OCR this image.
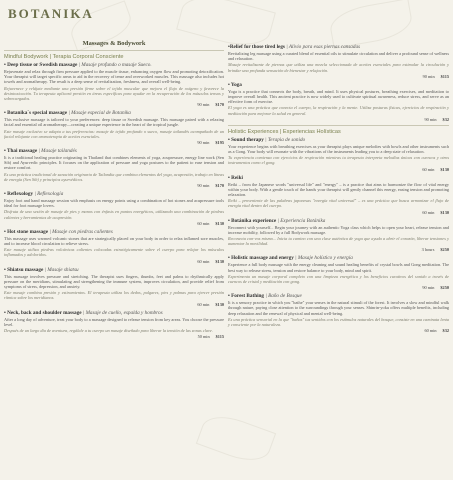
BOTANIKA
Massages & Bodywork
Mindful Bodywork | Terapia Corporal Consciente
• Deep tissue or Swedish massage | Masaje profundo o masaje Sueco.
Rejuvenate and relax through firm pressure applied to the muscle tissue, enhancing oxygen flow and promoting detoxification. Your therapist will target specific areas to aid in the recovery of tense and overworked muscles. This massage also includes hot towels and aromatherapy. The result is a deep sense of revitalization, freshness, and overall well-being.
Rejuvenece y relájate mediante una presión firme sobre el tejido muscular que mejora el flujo de oxígeno y favorece la desintoxicación. Tu terapeuta aplicará presión en áreas específicas para ayudar en la recuperación de los músculos tensos y sobrecargados.
90 min $170
• Botanika´s special massage | Masaje especial de Botanika
This exclusive massage is tailored to your preferences: deep tissue or Swedish massage. This massage paired with a relaxing facial and essential oil aromatherapy—creating a unique experience in the heart of the tropical jungle.
Este masaje exclusivo se adapta a tus preferencias: masaje de tejido profundo o sueco, masaje tailandés acompañado de un facial relajante con aromaterapia de aceites esenciales.
90 min $195
• Thai massage | Masaje tailandés
It is a traditional healing practice originating in Thailand that combines elements of yoga, acupressure, energy line work (Sen Sib) and Ayurvedic principles. It focuses on the application of pressure and yoga postures to the patient to ease tension and restore comfort.
Es una práctica tradicional de sanación originaria de Tailandia que combina elementos del yoga, acupresión, trabajo en líneas de energía (Sen Sib) y principios ayurvédicos.
90 min $170
• Reflexology | Reflexología
Enjoy foot and hand massage session with emphasis on energy points using a combination of hot stones and acupressure tools ideal for foot massage lovers.
Disfruta de una sesión de masaje de pies y manos con énfasis en puntos energéticos, utilizando una combinación de piedras calientes y herramientas de acupresión.
60 min $130
• Hot stone massage | Masaje con piedras calientes
This massage uses warmed volcanic stones that are strategically placed on your body in order to relax inflamed sore muscles, and to increase blood circulation to relieve stress.
Este masaje utiliza piedras volcánicas calientes colocadas estratégicamente sobre el cuerpo para relajar los músculos inflamados y adoloridos.
60 min $130
• Shiatsu massage | Masaje shiatsu
This massage involves pressure and stretching. The therapist uses fingers, thumbs, feet and palms to rhythmically apply pressure on the meridians, stimulating and strengthening the immune system, improves circulation, and provide relief from symptoms of stress, depression, and anxiety.
Este masaje combina presión y estiramientos. El terapeuta utiliza los dedos, pulgares, pies y palmas para ejercer presión rítmica sobre los meridianos.
60 min $130
• Neck, back and shoulder massage | Masaje de cuello, espalda y hombros
After a long day of adventure, treat your body to a massage designed to release tension from key areas. You choose the pressure level.
Después de un largo día de aventura, regálale a tu cuerpo un masaje diseñado para liberar la tensión de las zonas clave.
50 min $115
•Relief for those tired legs | Alivio para esas piernas cansadas
Revitalizing leg massage using a curated blend of essential oils to stimulate circulation and deliver a profound sense of wellness and relaxation.
Masaje revitalizante de piernas que utiliza una mezcla seleccionada de aceites esenciales para estimular la circulación y brindar una profunda sensación de bienestar y relajación.
90 min $115
• Yoga
Yoga is a practice that connects the body, breath, and mind. It uses physical postures, breathing exercises, and meditation to improve overall health. This ancient practice is now widely used to cultivate spiritual awareness, reduce stress, and serve as an effective form of exercise.
El yoga es una práctica que conecta el cuerpo, la respiración y la mente. Utiliza posturas físicas, ejercicios de respiración y meditación para mejorar la salud en general.
90 min $32
Holistic Experiences | Experiencias Holísticas
• Sound therapy | Terapia de sonido
Your experience begins with breathing exercises as your therapist plays unique melodies with bowls and other instruments such as a Gong. Your body will resonate with the vibrations of the instruments leading you to a deep state of relaxation.
Tu experiencia comienza con ejercicios de respiración mientras tu terapeuta interpreta melodías únicas con cuencos y otros instrumentos como el gong.
60 min $130
• Reiki
Reiki – from the Japanese words "universal life" and "energy" – is a practice that aims to harmonize the flow of vital energy within your body. With a gentle touch of the hands your therapist will gently channel this energy, easing tension and promoting relaxation.
Reiki – proveniente de las palabras japonesas "energía vital universal" – es una práctica que busca armonizar el flujo de energía vital dentro del cuerpo.
60 min $130
• Botánika experience | Experiencia Botánika
Reconnect with yourself... Begin your journey with an authentic Yoga class which helps to open your heart, release tension and increase mobility, followed by a full Bodywork massage.
Reconecta con-vos mismo... Inicia tu camino con una clase auténtica de yoga que ayuda a abrir el corazón, liberar tensiones y aumentar la movilidad.
3 hours $250
• Holistic massage and energy | Masaje holístico y energía
Experience a full body massage with the energy cleaning and sound healing benefits of crystal bowls and Gong meditation. The best way to release stress, tension and restore balance to your body, mind and spirit.
Experimenta un masaje corporal completo con una limpieza energética y los beneficios curativos del sonido a través de cuencos de cristal y meditación con gong.
90 min $250
• Forest Bathing | Baño de Bosque
It is a sensory practice in which you "bathe" your senses in the natural stimuli of the forest. It involves a slow and mindful walk through nature, paying close attention to the surroundings through your senses. Shinrin-yoku offers multiple benefits, including deep relaxation and the renewal of physical and mental well-being.
Es una práctica sensorial en la que "bañas" tus sentidos con los estímulos naturales del bosque, consiste en una caminata lenta y consciente por la naturaleza.
60 min $32
